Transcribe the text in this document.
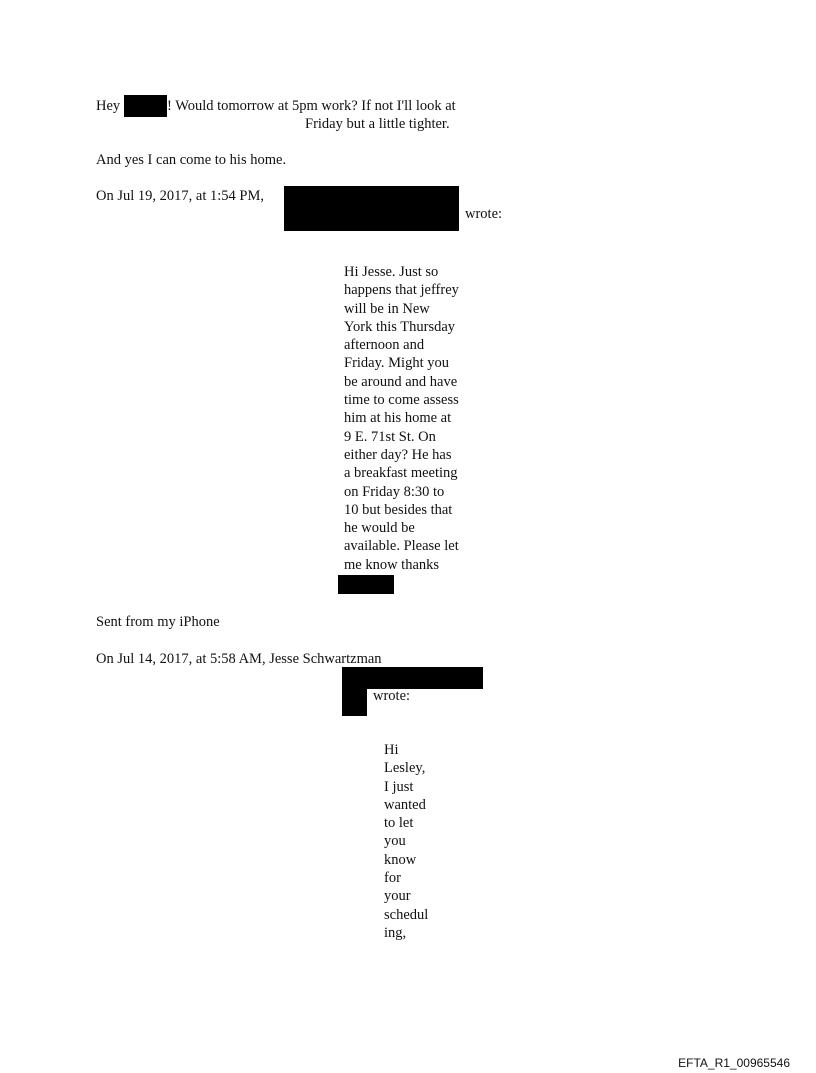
Hey	! Would tomorrow at 5pm work? If not I'll look at
Friday but a little tighter.
And yes I can come to his home.
On Jul 19, 2017, at 1:54 PM,
wrote:
Hi Jesse. Just so
happens that jeffrey
will be in New
York this Thursday
afternoon and
Friday. Might you
be around and have
time to come assess
him at his home at
9 E. 71st St. On
either day? He has
a breakfast meeting
on Friday 8:30 to
10 but besides that
he would be
available. Please let
me know thanks
Sent from my iPhone
On Jul 14, 2017, at 5:58 AM, Jesse Schwartzman
wrote:
Hi
Lesley,
I just
wanted
to let
you
know
for
your
schedul
ing,
EFTA_R1_00965546
